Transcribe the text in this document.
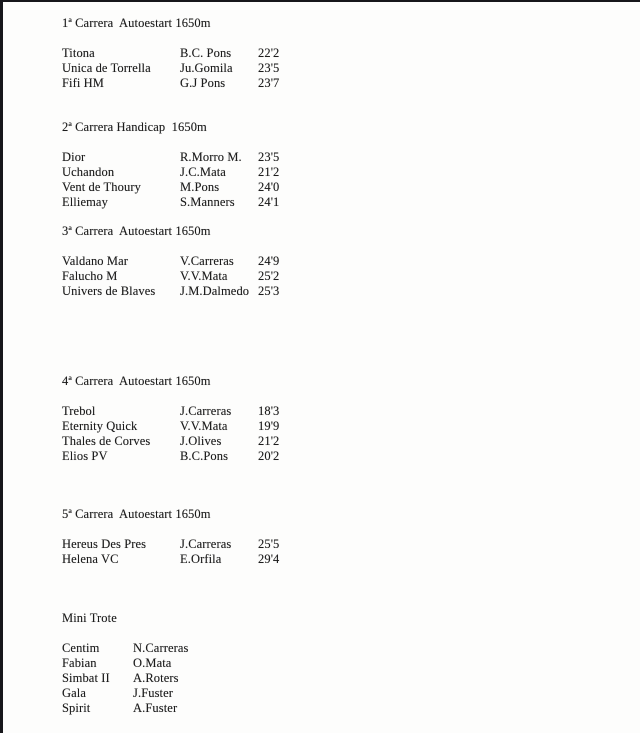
1ª Carrera  Autoestart 1650m
Titona	B.C. Pons	22'2
Unica de Torrella	Ju.Gomila	23'5
Fifi HM	G.J Pons	23'7
2ª Carrera Handicap  1650m
Dior	R.Morro M.	23'5
Uchandon	J.C.Mata	21'2
Vent de Thoury	M.Pons	24'0
Elliemay	S.Manners	24'1
3ª Carrera  Autoestart 1650m
Valdano Mar	V.Carreras	24'9
Falucho M	V.V.Mata	25'2
Univers de Blaves	J.M.Dalmedo 25'3
4ª Carrera  Autoestart 1650m
Trebol	J.Carreras	18'3
Eternity Quick	V.V.Mata	19'9
Thales de Corves	J.Olives	21'2
Elios PV	B.C.Pons	20'2
5ª Carrera  Autoestart 1650m
Hereus Des Pres	J.Carreras	25'5
Helena VC	E.Orfila	29'4
Mini Trote
Centim	N.Carreras
Fabian	O.Mata
Simbat II	A.Roters
Gala	J.Fuster
Spirit	A.Fuster
